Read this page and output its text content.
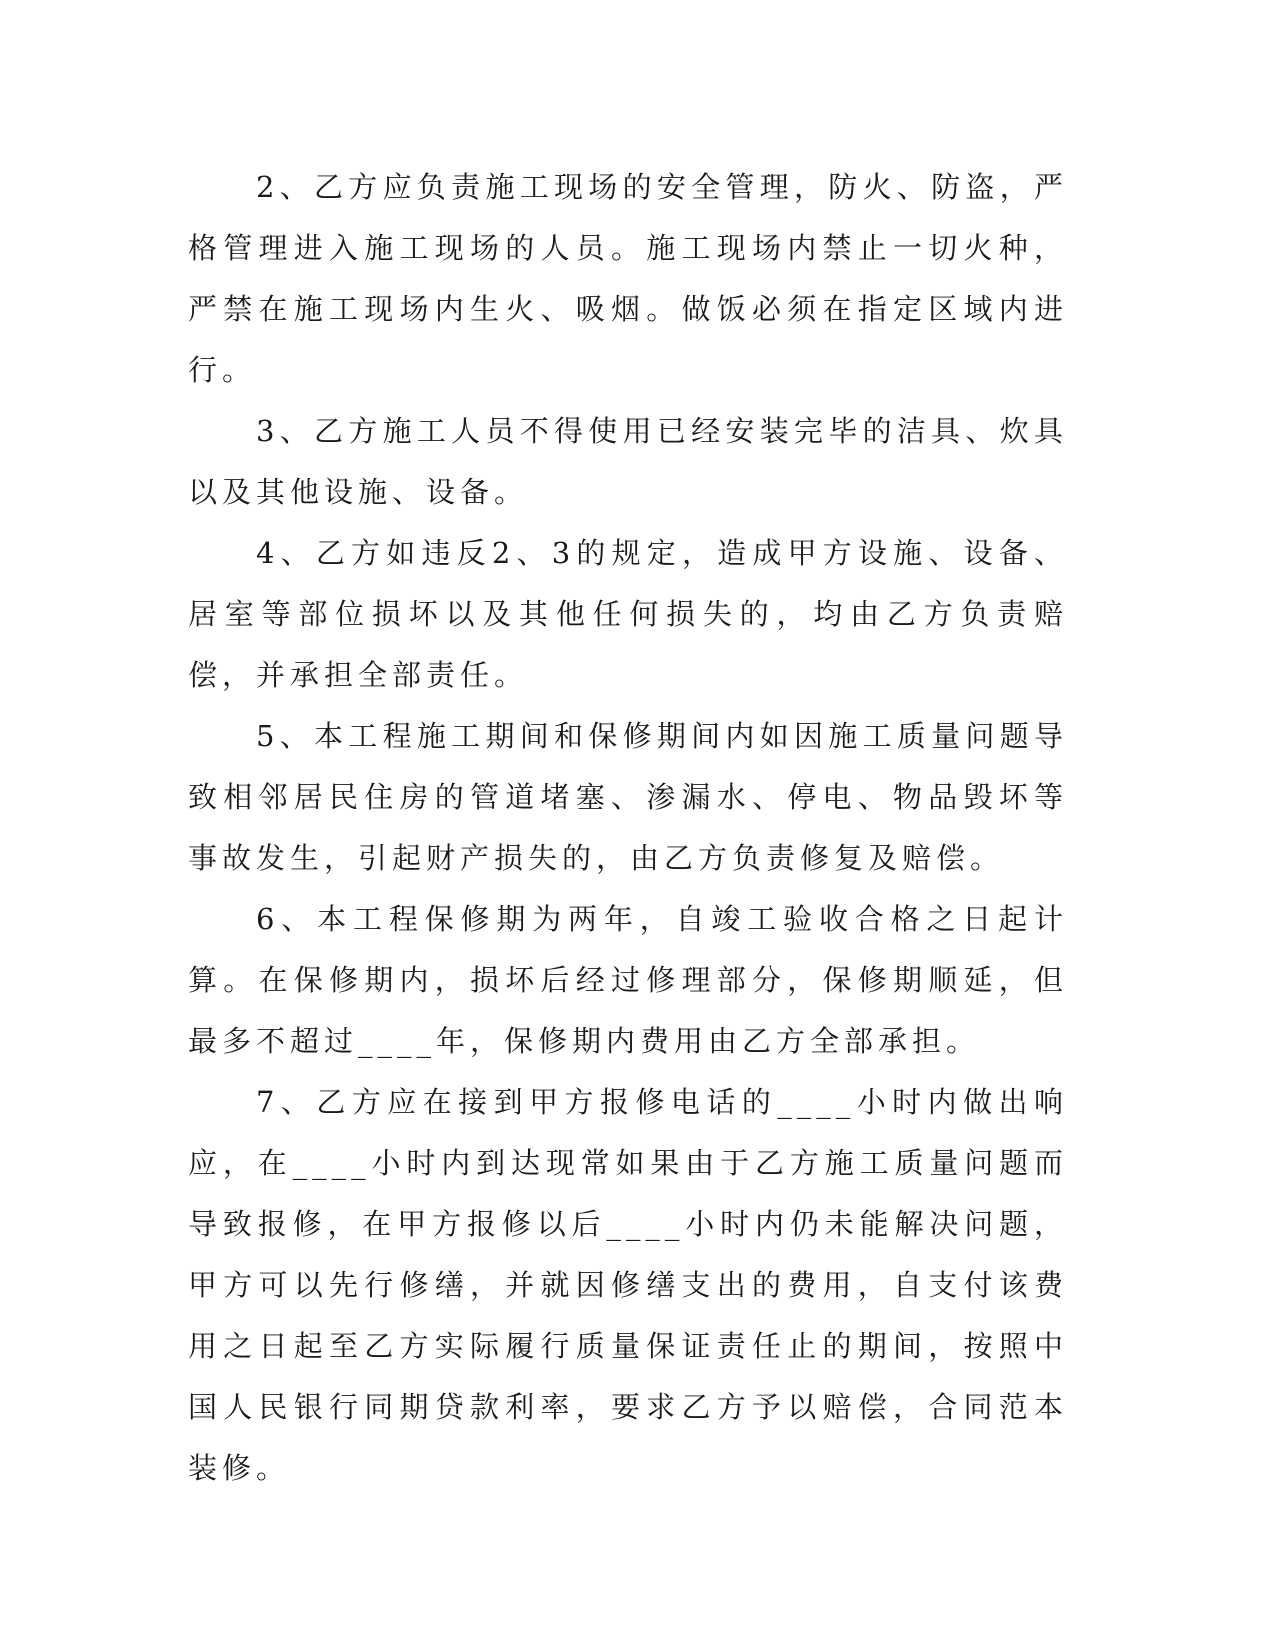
2、乙方应负责施工现场的安全管理，防火、防盗，严格管理进入施工现场的人员。施工现场内禁止一切火种，严禁在施工现场内生火、吸烟。做饭必须在指定区域内进行。

3、乙方施工人员不得使用已经安装完毕的洁具、炊具以及其他设施、设备。

4、乙方如违反2、3的规定，造成甲方设施、设备、居室等部位损坏以及其他任何损失的，均由乙方负责赔偿，并承担全部责任。

5、本工程施工期间和保修期间内如因施工质量问题导致相邻居民住房的管道堵塞、渗漏水、停电、物品毁坏等事故发生，引起财产损失的，由乙方负责修复及赔偿。

6、本工程保修期为两年，自竣工验收合格之日起计算。在保修期内，损坏后经过修理部分，保修期顺延，但最多不超过____年，保修期内费用由乙方全部承担。

7、乙方应在接到甲方报修电话的____小时内做出响应，在____小时内到达现常如果由于乙方施工质量问题而导致报修，在甲方报修以后____小时内仍未能解决问题，甲方可以先行修缮，并就因修缮支出的费用，自支付该费用之日起至乙方实际履行质量保证责任止的期间，按照中国人民银行同期贷款利率，要求乙方予以赔偿，合同范本装修。
